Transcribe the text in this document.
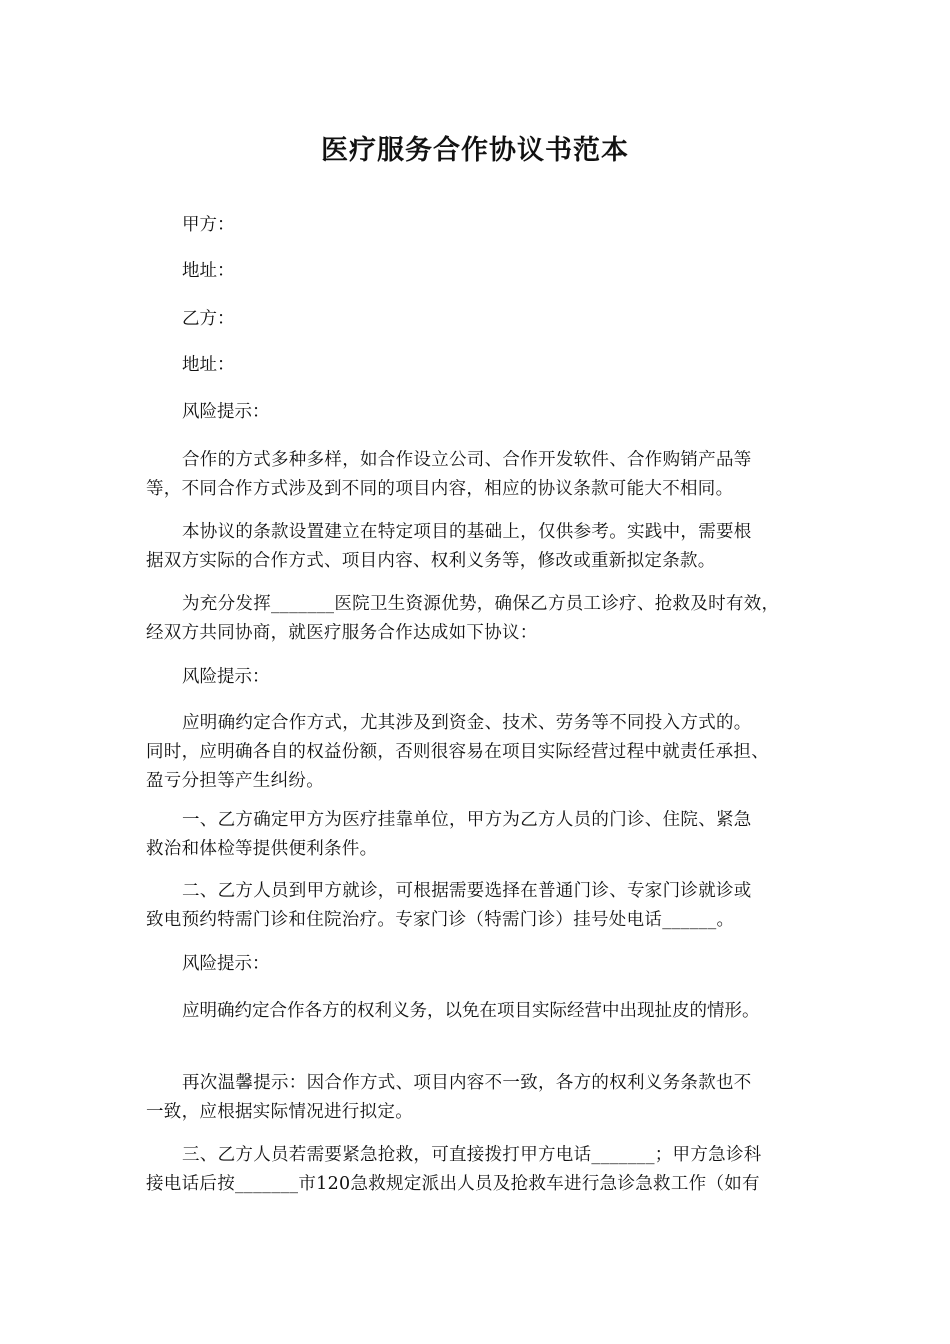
医疗服务合作协议书范本
甲方：
地址：
乙方：
地址：
风险提示：
合作的方式多种多样，如合作设立公司、合作开发软件、合作购销产品等
等，不同合作方式涉及到不同的项目内容，相应的协议条款可能大不相同。
本协议的条款设置建立在特定项目的基础上，仅供参考。实践中，需要根
据双方实际的合作方式、项目内容、权利义务等，修改或重新拟定条款。
为充分发挥_______医院卫生资源优势，确保乙方员工诊疗、抢救及时有效，
经双方共同协商，就医疗服务合作达成如下协议：
风险提示：
应明确约定合作方式，尤其涉及到资金、技术、劳务等不同投入方式的。
同时，应明确各自的权益份额，否则很容易在项目实际经营过程中就责任承担、
盈亏分担等产生纠纷。
一、乙方确定甲方为医疗挂靠单位，甲方为乙方人员的门诊、住院、紧急
救治和体检等提供便利条件。
二、乙方人员到甲方就诊，可根据需要选择在普通门诊、专家门诊就诊或
致电预约特需门诊和住院治疗。专家门诊（特需门诊）挂号处电话______。
风险提示：
应明确约定合作各方的权利义务，以免在项目实际经营中出现扯皮的情形。
再次温馨提示：因合作方式、项目内容不一致，各方的权利义务条款也不
一致，应根据实际情况进行拟定。
三、乙方人员若需要紧急抢救，可直接拨打甲方电话_______；甲方急诊科
接电话后按_______市120急救规定派出人员及抢救车进行急诊急救工作（如有
